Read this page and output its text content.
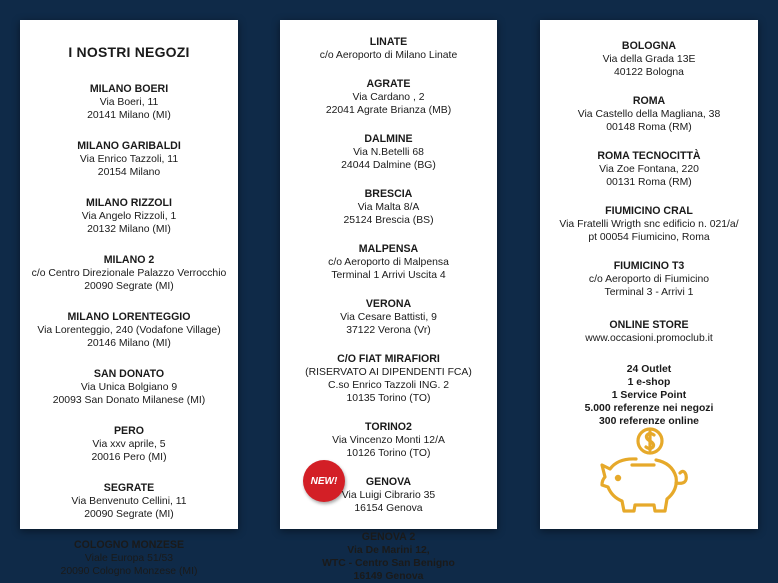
I NOSTRI NEGOZI
MILANO BOERI
Via Boeri, 11
20141 Milano (MI)
MILANO GARIBALDI
Via Enrico Tazzoli, 11
20154 Milano
MILANO RIZZOLI
Via Angelo Rizzoli, 1
20132 Milano (MI)
MILANO 2
c/o Centro Direzionale Palazzo Verrocchio
20090 Segrate (MI)
MILANO LORENTEGGIO
Via Lorenteggio, 240 (Vodafone Village)
20146 Milano (MI)
SAN DONATO
Via Unica Bolgiano 9
20093 San Donato Milanese (MI)
PERO
Via xxv aprile, 5
20016 Pero (MI)
SEGRATE
Via Benvenuto Cellini, 11
20090 Segrate (MI)
COLOGNO MONZESE
Viale Europa 51/53
20090 Cologno Monzese (MI)
LINATE
c/o Aeroporto di Milano Linate
AGRATE
Via Cardano , 2
22041 Agrate Brianza (MB)
DALMINE
Via N.Betelli 68
24044 Dalmine (BG)
BRESCIA
Via Malta 8/A
25124 Brescia (BS)
MALPENSA
c/o Aeroporto di Malpensa
Terminal 1 Arrivi Uscita 4
VERONA
Via Cesare Battisti, 9
37122 Verona (Vr)
C/O FIAT MIRAFIORI
(RISERVATO AI DIPENDENTI FCA)
C.so Enrico Tazzoli ING. 2
10135 Torino (TO)
TORINO2
Via Vincenzo Monti 12/A
10126 Torino (TO)
GENOVA
Via Luigi Cibrario 35
16154 Genova
GENOVA 2
Via De Marini 12,
WTC - Centro San Benigno
16149 Genova
NEW!
BOLOGNA
Via della Grada 13E
40122 Bologna
ROMA
Via Castello della Magliana, 38
00148 Roma (RM)
ROMA TECNOCITTÀ
Via Zoe Fontana, 220
00131 Roma (RM)
FIUMICINO CRAL
Via Fratelli Wrigth snc edificio n. 021/a/
pt 00054 Fiumicino, Roma
FIUMICINO T3
c/o Aeroporto di Fiumicino
Terminal 3 - Arrivi 1
ONLINE STORE
www.occasioni.promoclub.it
24 Outlet
1 e-shop
1 Service Point
5.000 referenze nei negozi
300 referenze online
